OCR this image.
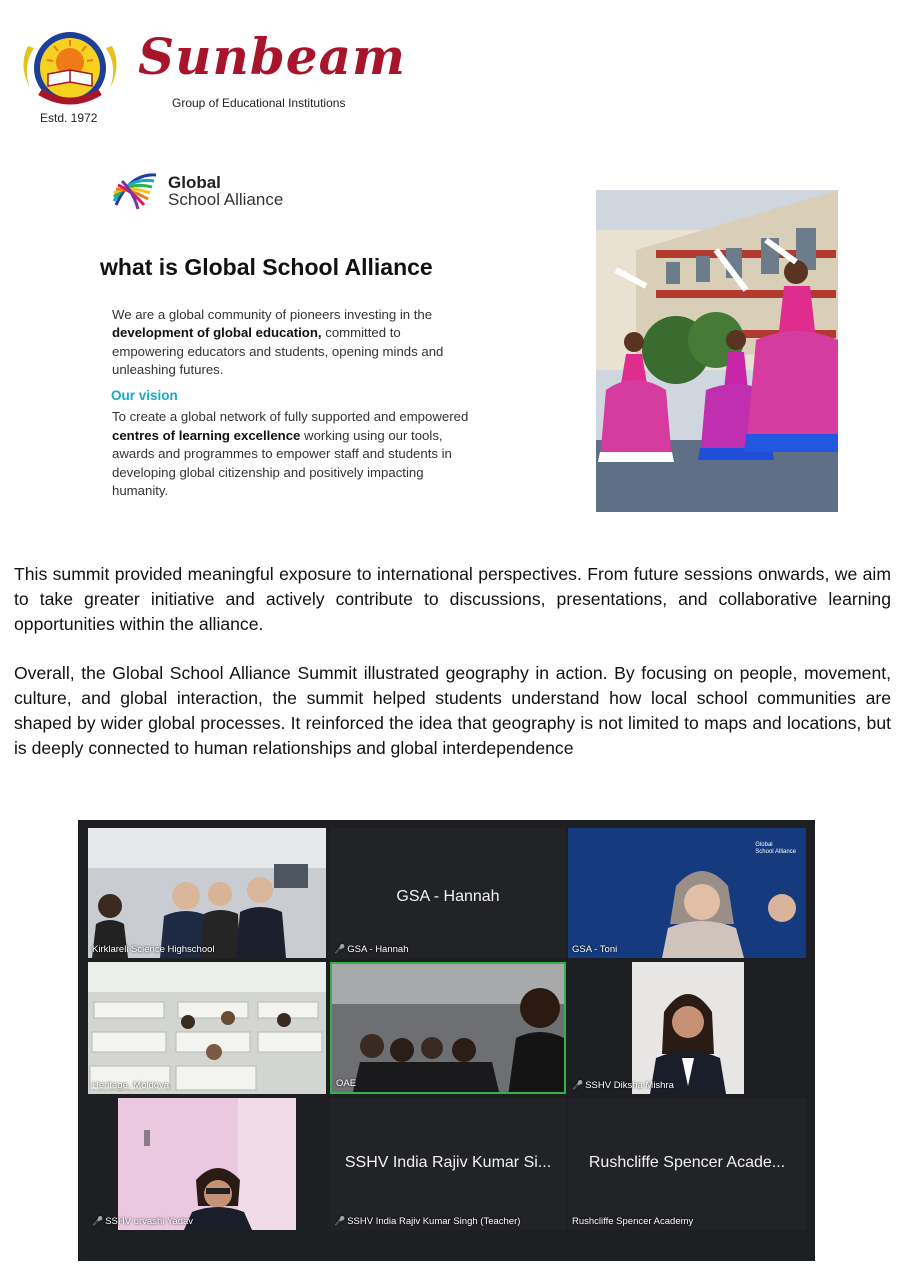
Estd. 1972
Sunbeam
Group of Educational Institutions
Global
School Alliance
what is Global School Alliance
We are a global community of pioneers investing in the development of global education, committed to empowering educators and students, opening minds and unleashing futures.
Our vision
To create a global network of fully supported and empowered centres of learning excellence working using our tools, awards and programmes to empower staff and students in developing global citizenship and positively impacting humanity.
This summit provided meaningful exposure to international perspectives. From future sessions onwards, we aim to take greater initiative and actively contribute to discussions, presentations, and collaborative learning opportunities within the alliance.
Overall, the Global School Alliance Summit illustrated geography in action. By focusing on people, movement, culture, and global interaction, the summit helped students understand how local school communities are shaped by wider global processes. It reinforced the idea that geography is not limited to maps and locations, but is deeply connected to human relationships and global interdependence
Kirklareli Science Highschool
GSA - Hannah
🎤 GSA - Hannah
Global
School Alliance
GSA - Toni
Heritage, Moldova	OAE	🎤 SSHV Diksha Mishra
🎤 SSHV urvashi Yadav
SSHV India Rajiv Kumar Si...
🎤 SSHV India Rajiv Kumar Singh (Teacher)
Rushcliffe Spencer Acade...
Rushcliffe Spencer Academy
